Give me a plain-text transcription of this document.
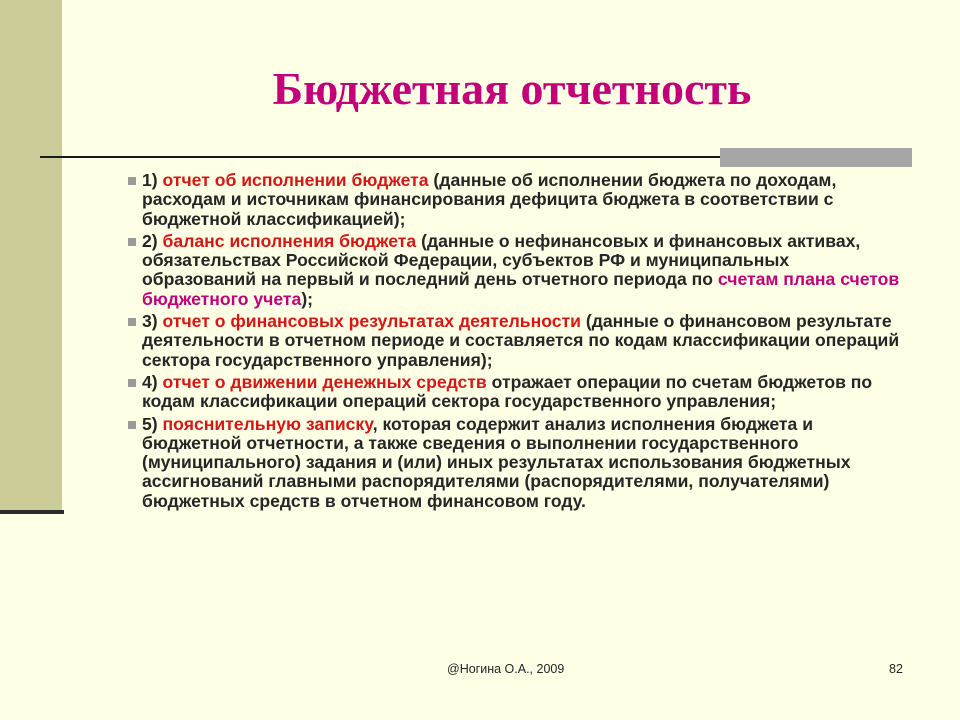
Бюджетная отчетность
1) отчет об исполнении бюджета (данные об исполнении бюджета по доходам, расходам и источникам финансирования дефицита бюджета в соответствии с бюджетной классификацией);
2) баланс исполнения бюджета (данные о нефинансовых и финансовых активах, обязательствах Российской Федерации, субъектов РФ и муниципальных образований на первый и последний день отчетного периода по счетам плана счетов бюджетного учета);
3) отчет о финансовых результатах деятельности (данные о финансовом результате деятельности в отчетном периоде и составляется по кодам классификации операций сектора государственного управления);
4) отчет о движении денежных средств отражает операции по счетам бюджетов по кодам классификации операций сектора государственного управления;
5) пояснительную записку, которая содержит анализ исполнения бюджета и бюджетной отчетности, а также сведения о выполнении государственного (муниципального) задания и (или) иных результатах использования бюджетных ассигнований главными распорядителями (распорядителями, получателями) бюджетных средств в отчетном финансовом году.
@Ногина О.А., 2009	82
